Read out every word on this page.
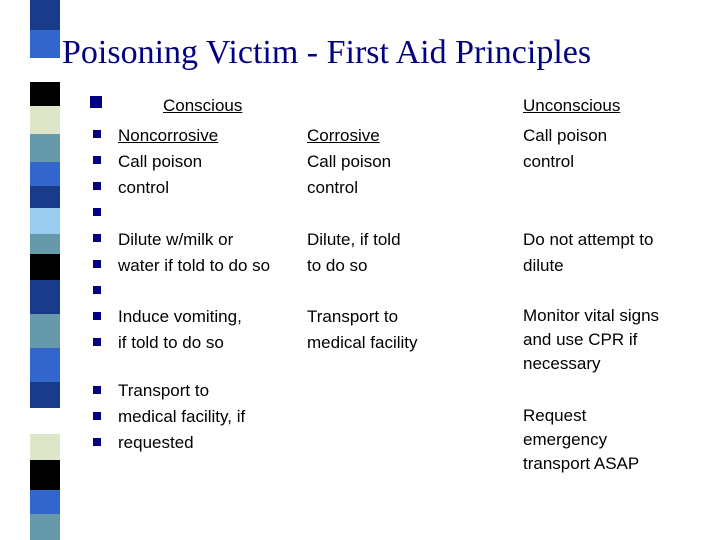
Poisoning Victim - First Aid Principles
Conscious	Unconscious
Noncorrosive
Call poison
control
Corrosive
Call poison
control
Call poison
control
Dilute w/milk or
water if told to do so
Dilute, if told
to do so
Do not attempt to
dilute
Induce vomiting,
if told to do so
Transport to
medical facility
Monitor vital signs
and use CPR if
necessary
Transport to
medical facility, if
requested
Request
emergency
transport ASAP
